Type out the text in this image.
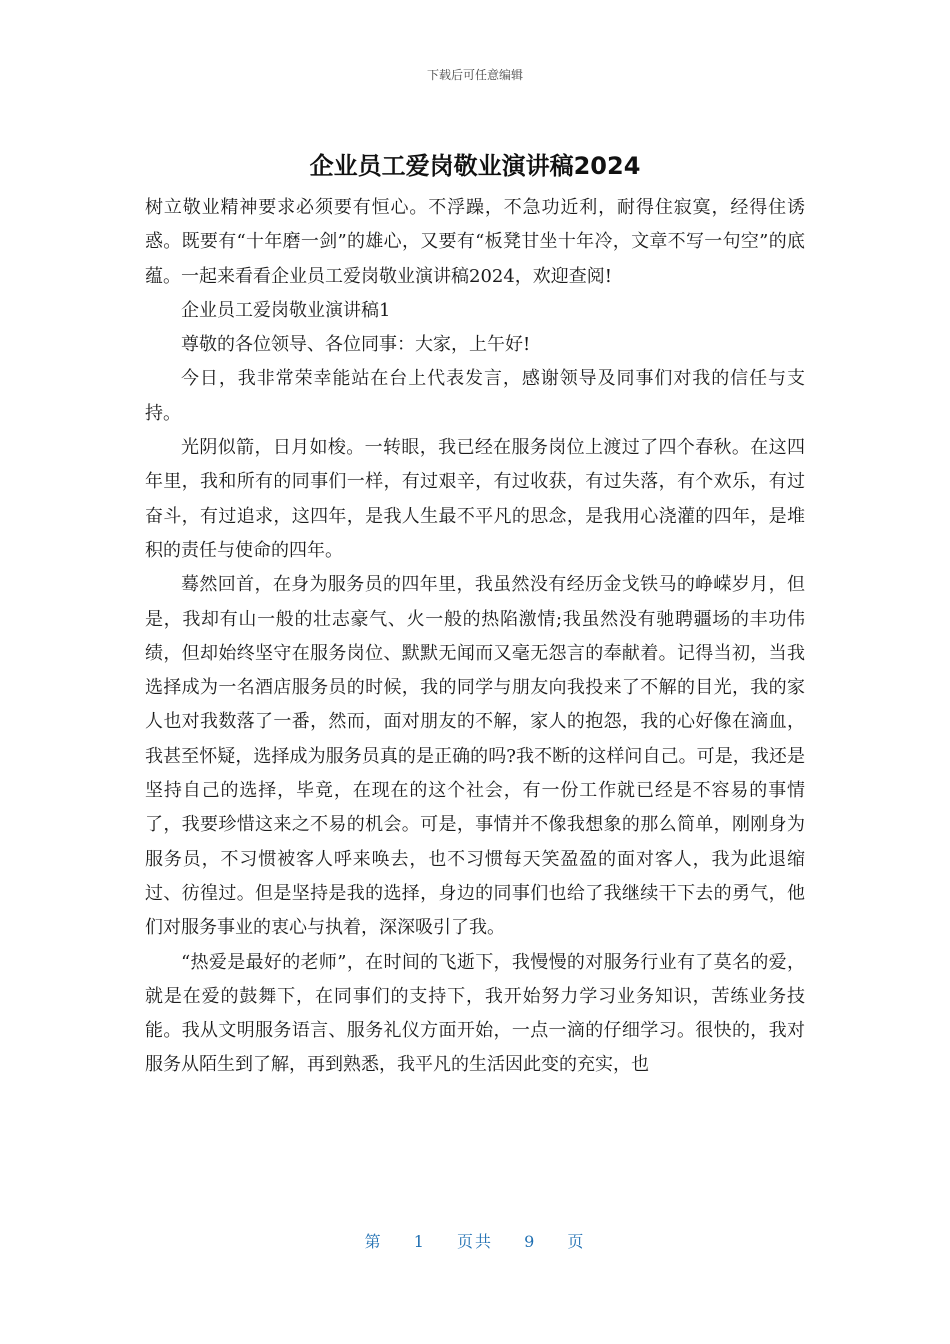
下载后可任意编辑
企业员工爱岗敬业演讲稿2024

树立敬业精神要求必须要有恒心。不浮躁，不急功近利，耐得住寂寞，经得住诱惑。既要有“十年磨一剑”的雄心，又要有“板凳甘坐十年冷，文章不写一句空”的底蕴。一起来看看企业员工爱岗敬业演讲稿2024，欢迎查阅!

企业员工爱岗敬业演讲稿1

尊敬的各位领导、各位同事：大家，上午好!

今日，我非常荣幸能站在台上代表发言，感谢领导及同事们对我的信任与支持。

光阴似箭，日月如梭。一转眼，我已经在服务岗位上渡过了四个春秋。在这四年里，我和所有的同事们一样，有过艰辛，有过收获，有过失落，有个欢乐，有过奋斗，有过追求，这四年，是我人生最不平凡的思念，是我用心浇灌的四年，是堆积的责任与使命的四年。

蓦然回首，在身为服务员的四年里，我虽然没有经历金戈铁马的峥嵘岁月，但是，我却有山一般的壮志豪气、火一般的热陷激情;我虽然没有驰聘疆场的丰功伟绩，但却始终坚守在服务岗位、默默无闻而又毫无怨言的奉献着。记得当初，当我选择成为一名酒店服务员的时候，我的同学与朋友向我投来了不解的目光，我的家人也对我数落了一番，然而，面对朋友的不解，家人的抱怨，我的心好像在滴血，我甚至怀疑，选择成为服务员真的是正确的吗?我不断的这样问自己。可是，我还是坚持自己的选择，毕竟，在现在的这个社会，有一份工作就已经是不容易的事情了，我要珍惜这来之不易的机会。可是，事情并不像我想象的那么简单，刚刚身为服务员，不习惯被客人呼来唤去，也不习惯每天笑盈盈的面对客人，我为此退缩过、彷徨过。但是坚持是我的选择，身边的同事们也给了我继续干下去的勇气，他们对服务事业的衷心与执着，深深吸引了我。

“热爱是最好的老师”，在时间的飞逝下，我慢慢的对服务行业有了莫名的爱，就是在爱的鼓舞下，在同事们的支持下，我开始努力学习业务知识，苦练业务技能。我从文明服务语言、服务礼仪方面开始，一点一滴的仔细学习。很快的，我对服务从陌生到了解，再到熟悉，我平凡的生活因此变的充实，也

第 1 页共 9 页
